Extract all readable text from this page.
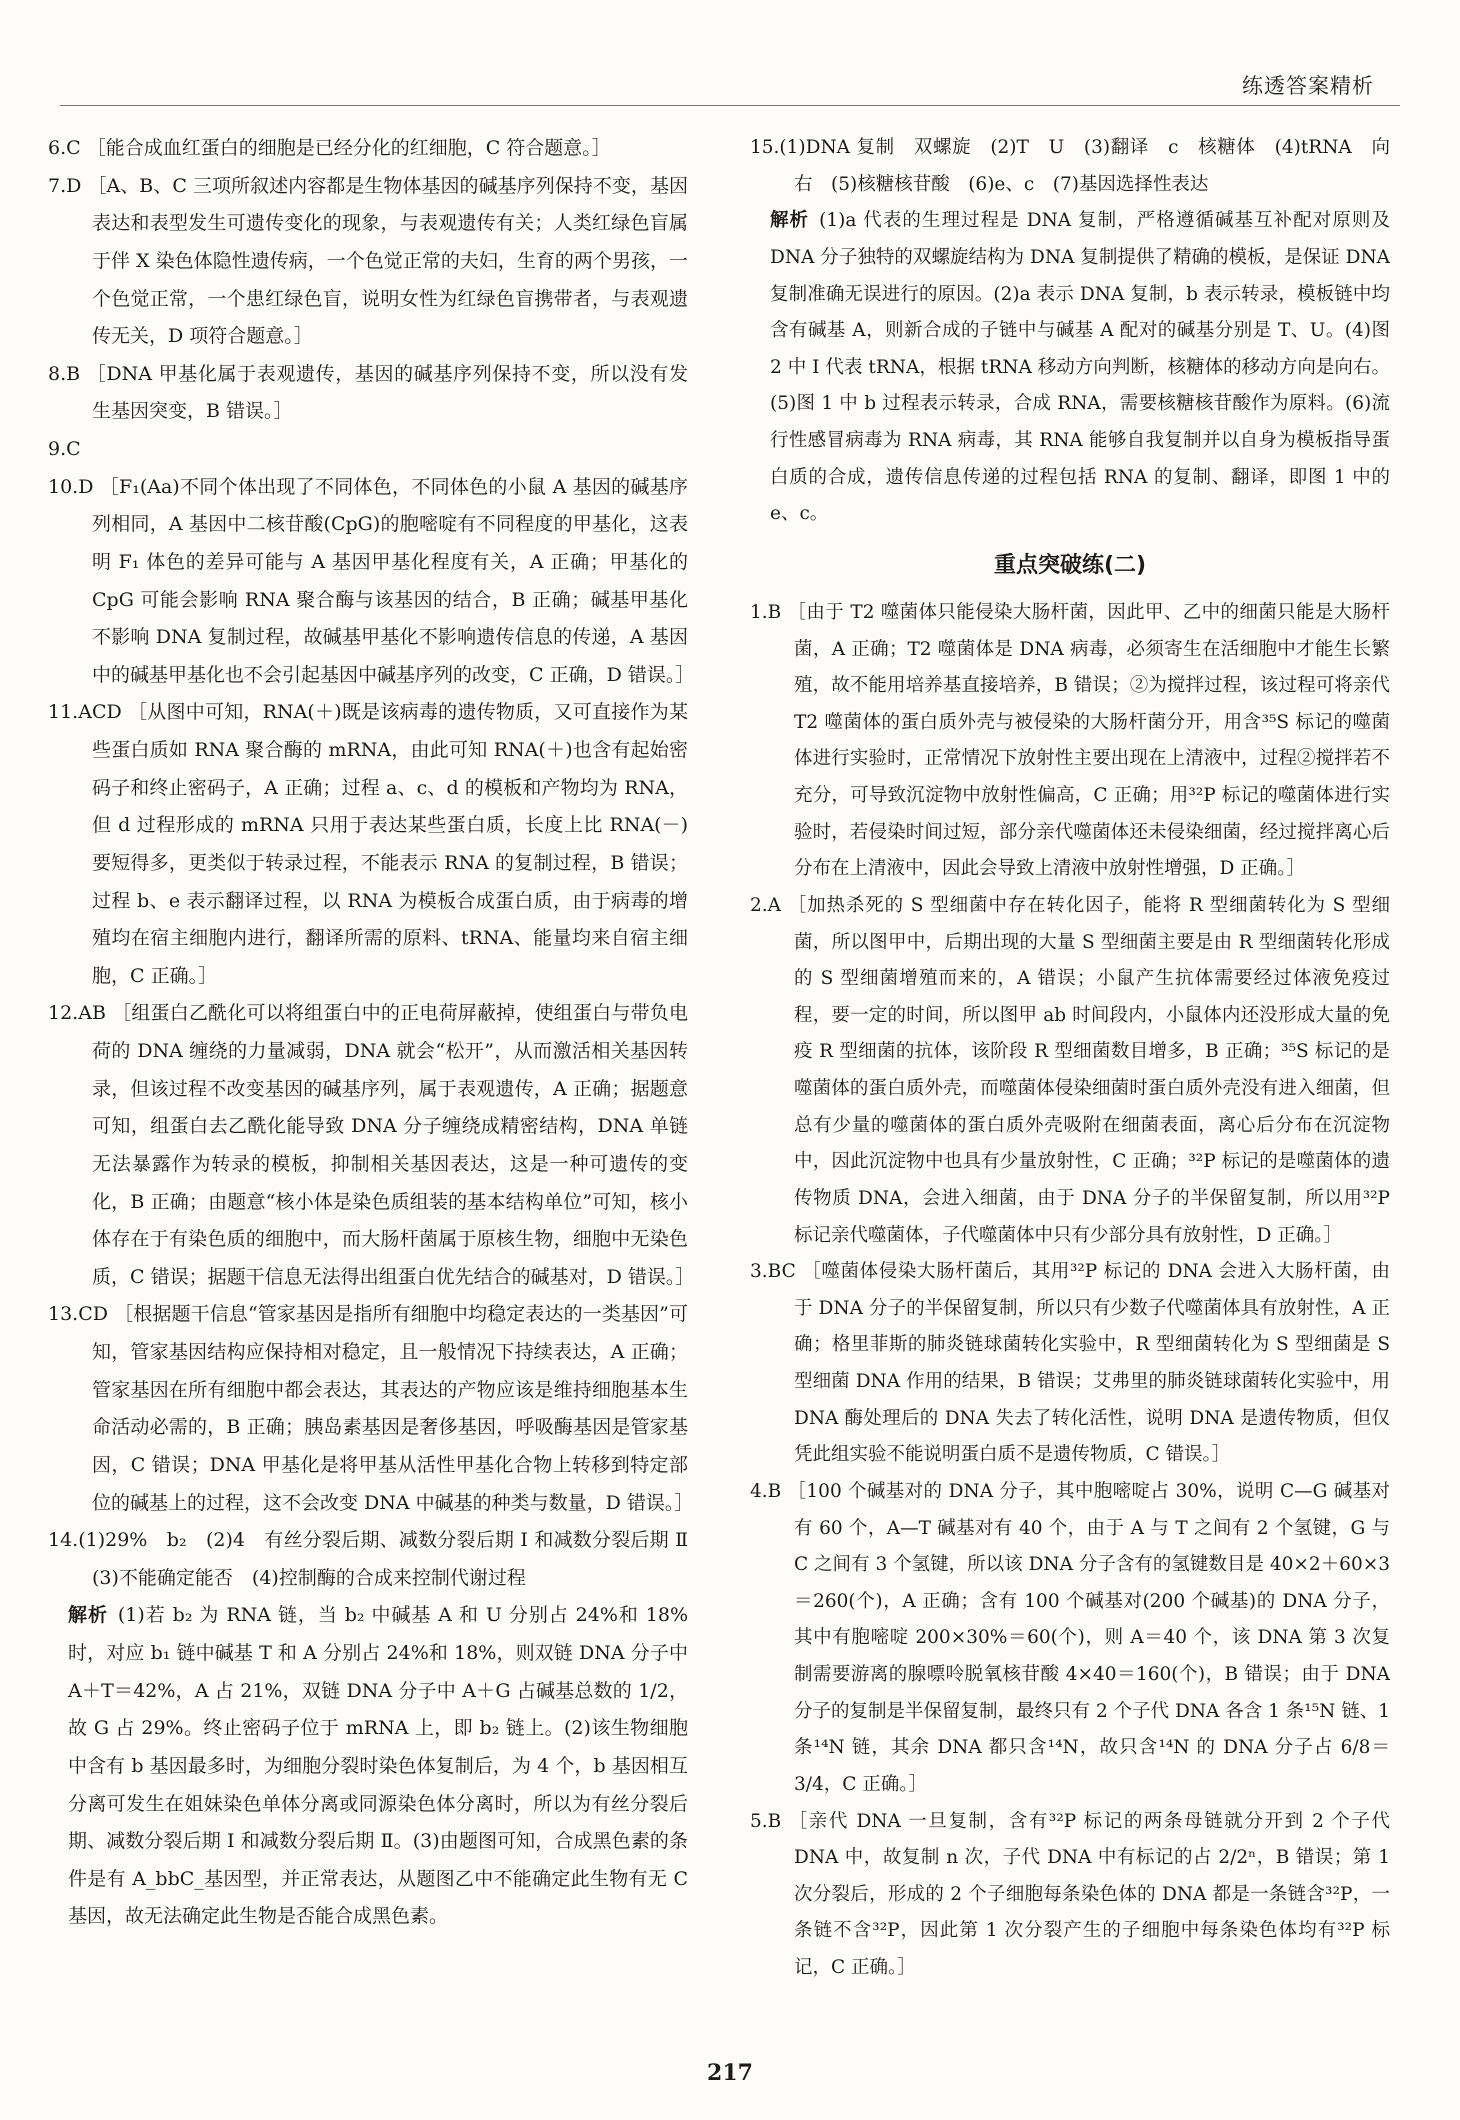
练透答案精析

6.C ［能合成血红蛋白的细胞是已经分化的红细胞，C 符合题意。］

7.D ［A、B、C 三项所叙述内容都是生物体基因的碱基序列保持不变，基因表达和表型发生可遗传变化的现象，与表观遗传有关；人类红绿色盲属于伴 X 染色体隐性遗传病，一个色觉正常的夫妇，生育的两个男孩，一个色觉正常，一个患红绿色盲，说明女性为红绿色盲携带者，与表观遗传无关，D 项符合题意。］

8.B ［DNA 甲基化属于表观遗传，基因的碱基序列保持不变，所以没有发生基因突变，B 错误。］

9.C

10.D ［F₁(Aa)不同个体出现了不同体色，不同体色的小鼠 A 基因的碱基序列相同，A 基因中二核苷酸(CpG)的胞嘧啶有不同程度的甲基化，这表明 F₁ 体色的差异可能与 A 基因甲基化程度有关，A 正确；甲基化的 CpG 可能会影响 RNA 聚合酶与该基因的结合，B 正确；碱基甲基化不影响 DNA 复制过程，故碱基甲基化不影响遗传信息的传递，A 基因中的碱基甲基化也不会引起基因中碱基序列的改变，C 正确，D 错误。］

11.ACD ［从图中可知，RNA(＋)既是该病毒的遗传物质，又可直接作为某些蛋白质如 RNA 聚合酶的 mRNA，由此可知 RNA(＋)也含有起始密码子和终止密码子，A 正确；过程 a、c、d 的模板和产物均为 RNA，但 d 过程形成的 mRNA 只用于表达某些蛋白质，长度上比 RNA(－)要短得多，更类似于转录过程，不能表示 RNA 的复制过程，B 错误；过程 b、e 表示翻译过程，以 RNA 为模板合成蛋白质，由于病毒的增殖均在宿主细胞内进行，翻译所需的原料、tRNA、能量均来自宿主细胞，C 正确。］

12.AB ［组蛋白乙酰化可以将组蛋白中的正电荷屏蔽掉，使组蛋白与带负电荷的 DNA 缠绕的力量减弱，DNA 就会“松开”，从而激活相关基因转录，但该过程不改变基因的碱基序列，属于表观遗传，A 正确；据题意可知，组蛋白去乙酰化能导致 DNA 分子缠绕成精密结构，DNA 单链无法暴露作为转录的模板，抑制相关基因表达，这是一种可遗传的变化，B 正确；由题意“核小体是染色质组装的基本结构单位”可知，核小体存在于有染色质的细胞中，而大肠杆菌属于原核生物，细胞中无染色质，C 错误；据题干信息无法得出组蛋白优先结合的碱基对，D 错误。］

13.CD ［根据题干信息“管家基因是指所有细胞中均稳定表达的一类基因”可知，管家基因结构应保持相对稳定，且一般情况下持续表达，A 正确；管家基因在所有细胞中都会表达，其表达的产物应该是维持细胞基本生命活动必需的，B 正确；胰岛素基因是奢侈基因，呼吸酶基因是管家基因，C 错误；DNA 甲基化是将甲基从活性甲基化合物上转移到特定部位的碱基上的过程，这不会改变 DNA 中碱基的种类与数量，D 错误。］

14.(1)29%　b₂　(2)4　有丝分裂后期、减数分裂后期 Ⅰ 和减数分裂后期 Ⅱ　(3)不能确定能否　(4)控制酶的合成来控制代谢过程

解析 (1)若 b₂ 为 RNA 链，当 b₂ 中碱基 A 和 U 分别占 24%和 18%时，对应 b₁ 链中碱基 T 和 A 分别占 24%和 18%，则双链 DNA 分子中 A＋T＝42%，A 占 21%，双链 DNA 分子中 A＋G 占碱基总数的 1/2，故 G 占 29%。终止密码子位于 mRNA 上，即 b₂ 链上。(2)该生物细胞中含有 b 基因最多时，为细胞分裂时染色体复制后，为 4 个，b 基因相互分离可发生在姐妹染色单体分离或同源染色体分离时，所以为有丝分裂后期、减数分裂后期 Ⅰ 和减数分裂后期 Ⅱ。(3)由题图可知，合成黑色素的条件是有 A_bbC_基因型，并正常表达，从题图乙中不能确定此生物有无 C 基因，故无法确定此生物是否能合成黑色素。

15.(1)DNA 复制　双螺旋　(2)T　U　(3)翻译　c　核糖体　(4)tRNA　向右　(5)核糖核苷酸　(6)e、c　(7)基因选择性表达

解析 (1)a 代表的生理过程是 DNA 复制，严格遵循碱基互补配对原则及 DNA 分子独特的双螺旋结构为 DNA 复制提供了精确的模板，是保证 DNA 复制准确无误进行的原因。(2)a 表示 DNA 复制，b 表示转录，模板链中均含有碱基 A，则新合成的子链中与碱基 A 配对的碱基分别是 T、U。(4)图 2 中 Ⅰ 代表 tRNA，根据 tRNA 移动方向判断，核糖体的移动方向是向右。(5)图 1 中 b 过程表示转录，合成 RNA，需要核糖核苷酸作为原料。(6)流行性感冒病毒为 RNA 病毒，其 RNA 能够自我复制并以自身为模板指导蛋白质的合成，遗传信息传递的过程包括 RNA 的复制、翻译，即图 1 中的 e、c。

重点突破练(二)

1.B ［由于 T2 噬菌体只能侵染大肠杆菌，因此甲、乙中的细菌只能是大肠杆菌，A 正确；T2 噬菌体是 DNA 病毒，必须寄生在活细胞中才能生长繁殖，故不能用培养基直接培养，B 错误；②为搅拌过程，该过程可将亲代 T2 噬菌体的蛋白质外壳与被侵染的大肠杆菌分开，用含³⁵S 标记的噬菌体进行实验时，正常情况下放射性主要出现在上清液中，过程②搅拌若不充分，可导致沉淀物中放射性偏高，C 正确；用³²P 标记的噬菌体进行实验时，若侵染时间过短，部分亲代噬菌体还未侵染细菌，经过搅拌离心后分布在上清液中，因此会导致上清液中放射性增强，D 正确。］

2.A ［加热杀死的 S 型细菌中存在转化因子，能将 R 型细菌转化为 S 型细菌，所以图甲中，后期出现的大量 S 型细菌主要是由 R 型细菌转化形成的 S 型细菌增殖而来的，A 错误；小鼠产生抗体需要经过体液免疫过程，要一定的时间，所以图甲 ab 时间段内，小鼠体内还没形成大量的免疫 R 型细菌的抗体，该阶段 R 型细菌数目增多，B 正确；³⁵S 标记的是噬菌体的蛋白质外壳，而噬菌体侵染细菌时蛋白质外壳没有进入细菌，但总有少量的噬菌体的蛋白质外壳吸附在细菌表面，离心后分布在沉淀物中，因此沉淀物中也具有少量放射性，C 正确；³²P 标记的是噬菌体的遗传物质 DNA，会进入细菌，由于 DNA 分子的半保留复制，所以用³²P 标记亲代噬菌体，子代噬菌体中只有少部分具有放射性，D 正确。］

3.BC ［噬菌体侵染大肠杆菌后，其用³²P 标记的 DNA 会进入大肠杆菌，由于 DNA 分子的半保留复制，所以只有少数子代噬菌体具有放射性，A 正确；格里菲斯的肺炎链球菌转化实验中，R 型细菌转化为 S 型细菌是 S 型细菌 DNA 作用的结果，B 错误；艾弗里的肺炎链球菌转化实验中，用 DNA 酶处理后的 DNA 失去了转化活性，说明 DNA 是遗传物质，但仅凭此组实验不能说明蛋白质不是遗传物质，C 错误。］

4.B ［100 个碱基对的 DNA 分子，其中胞嘧啶占 30%，说明 C—G 碱基对有 60 个，A—T 碱基对有 40 个，由于 A 与 T 之间有 2 个氢键，G 与 C 之间有 3 个氢键，所以该 DNA 分子含有的氢键数目是 40×2＋60×3＝260(个)，A 正确；含有 100 个碱基对(200 个碱基)的 DNA 分子，其中有胞嘧啶 200×30%＝60(个)，则 A＝40 个，该 DNA 第 3 次复制需要游离的腺嘌呤脱氧核苷酸 4×40＝160(个)，B 错误；由于 DNA 分子的复制是半保留复制，最终只有 2 个子代 DNA 各含 1 条¹⁵N 链、1 条¹⁴N 链，其余 DNA 都只含¹⁴N，故只含¹⁴N 的 DNA 分子占 6/8＝3/4，C 正确。］

5.B ［亲代 DNA 一旦复制，含有³²P 标记的两条母链就分开到 2 个子代 DNA 中，故复制 n 次，子代 DNA 中有标记的占 2/2ⁿ，B 错误；第 1 次分裂后，形成的 2 个子细胞每条染色体的 DNA 都是一条链含³²P，一条链不含³²P，因此第 1 次分裂产生的子细胞中每条染色体均有³²P 标记，C 正确。］

217
